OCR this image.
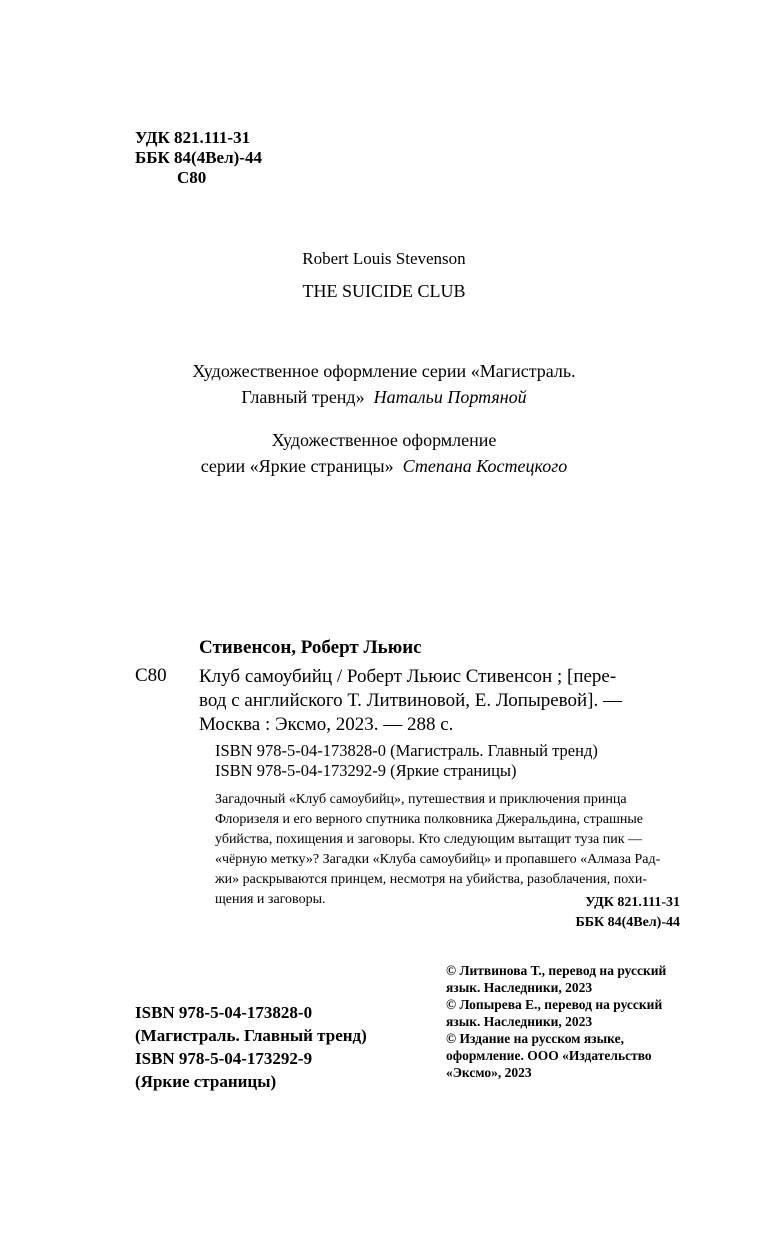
УДК 821.111-31
ББК 84(4Вел)-44
С80
Robert Louis Stevenson
THE SUICIDE CLUB
Художественное оформление серии «Магистраль.
Главный тренд» Натальи Портяной
Художественное оформление
серии «Яркие страницы» Степана Костецкого
Стивенсон, Роберт Льюис
С80 Клуб самоубийц / Роберт Льюис Стивенсон ; [пере-
вод с английского Т. Литвиновой, Е. Лопыревой]. —
Москва : Эксмо, 2023. — 288 с.
ISBN 978-5-04-173828-0 (Магистраль. Главный тренд)
ISBN 978-5-04-173292-9 (Яркие страницы)
Загадочный «Клуб самоубийц», путешествия и приключения принца
Флоризеля и его верного спутника полковника Джеральдина, страшные
убийства, похищения и заговоры. Кто следующим вытащит туза пик —
«чёрную метку»? Загадки «Клуба самоубийц» и пропавшего «Алмаза Рад-
жи» раскрываются принцем, несмотря на убийства, разоблачения, похи-
щения и заговоры.	УДК 821.111-31
ББК 84(4Вел)-44
ISBN 978-5-04-173828-0
(Магистраль. Главный тренд)
ISBN 978-5-04-173292-9
(Яркие страницы)
© Литвинова Т., перевод на русский
язык. Наследники, 2023
© Лопырева Е., перевод на русский
язык. Наследники, 2023
© Издание на русском языке,
оформление. ООО «Издательство
«Эксмо», 2023
